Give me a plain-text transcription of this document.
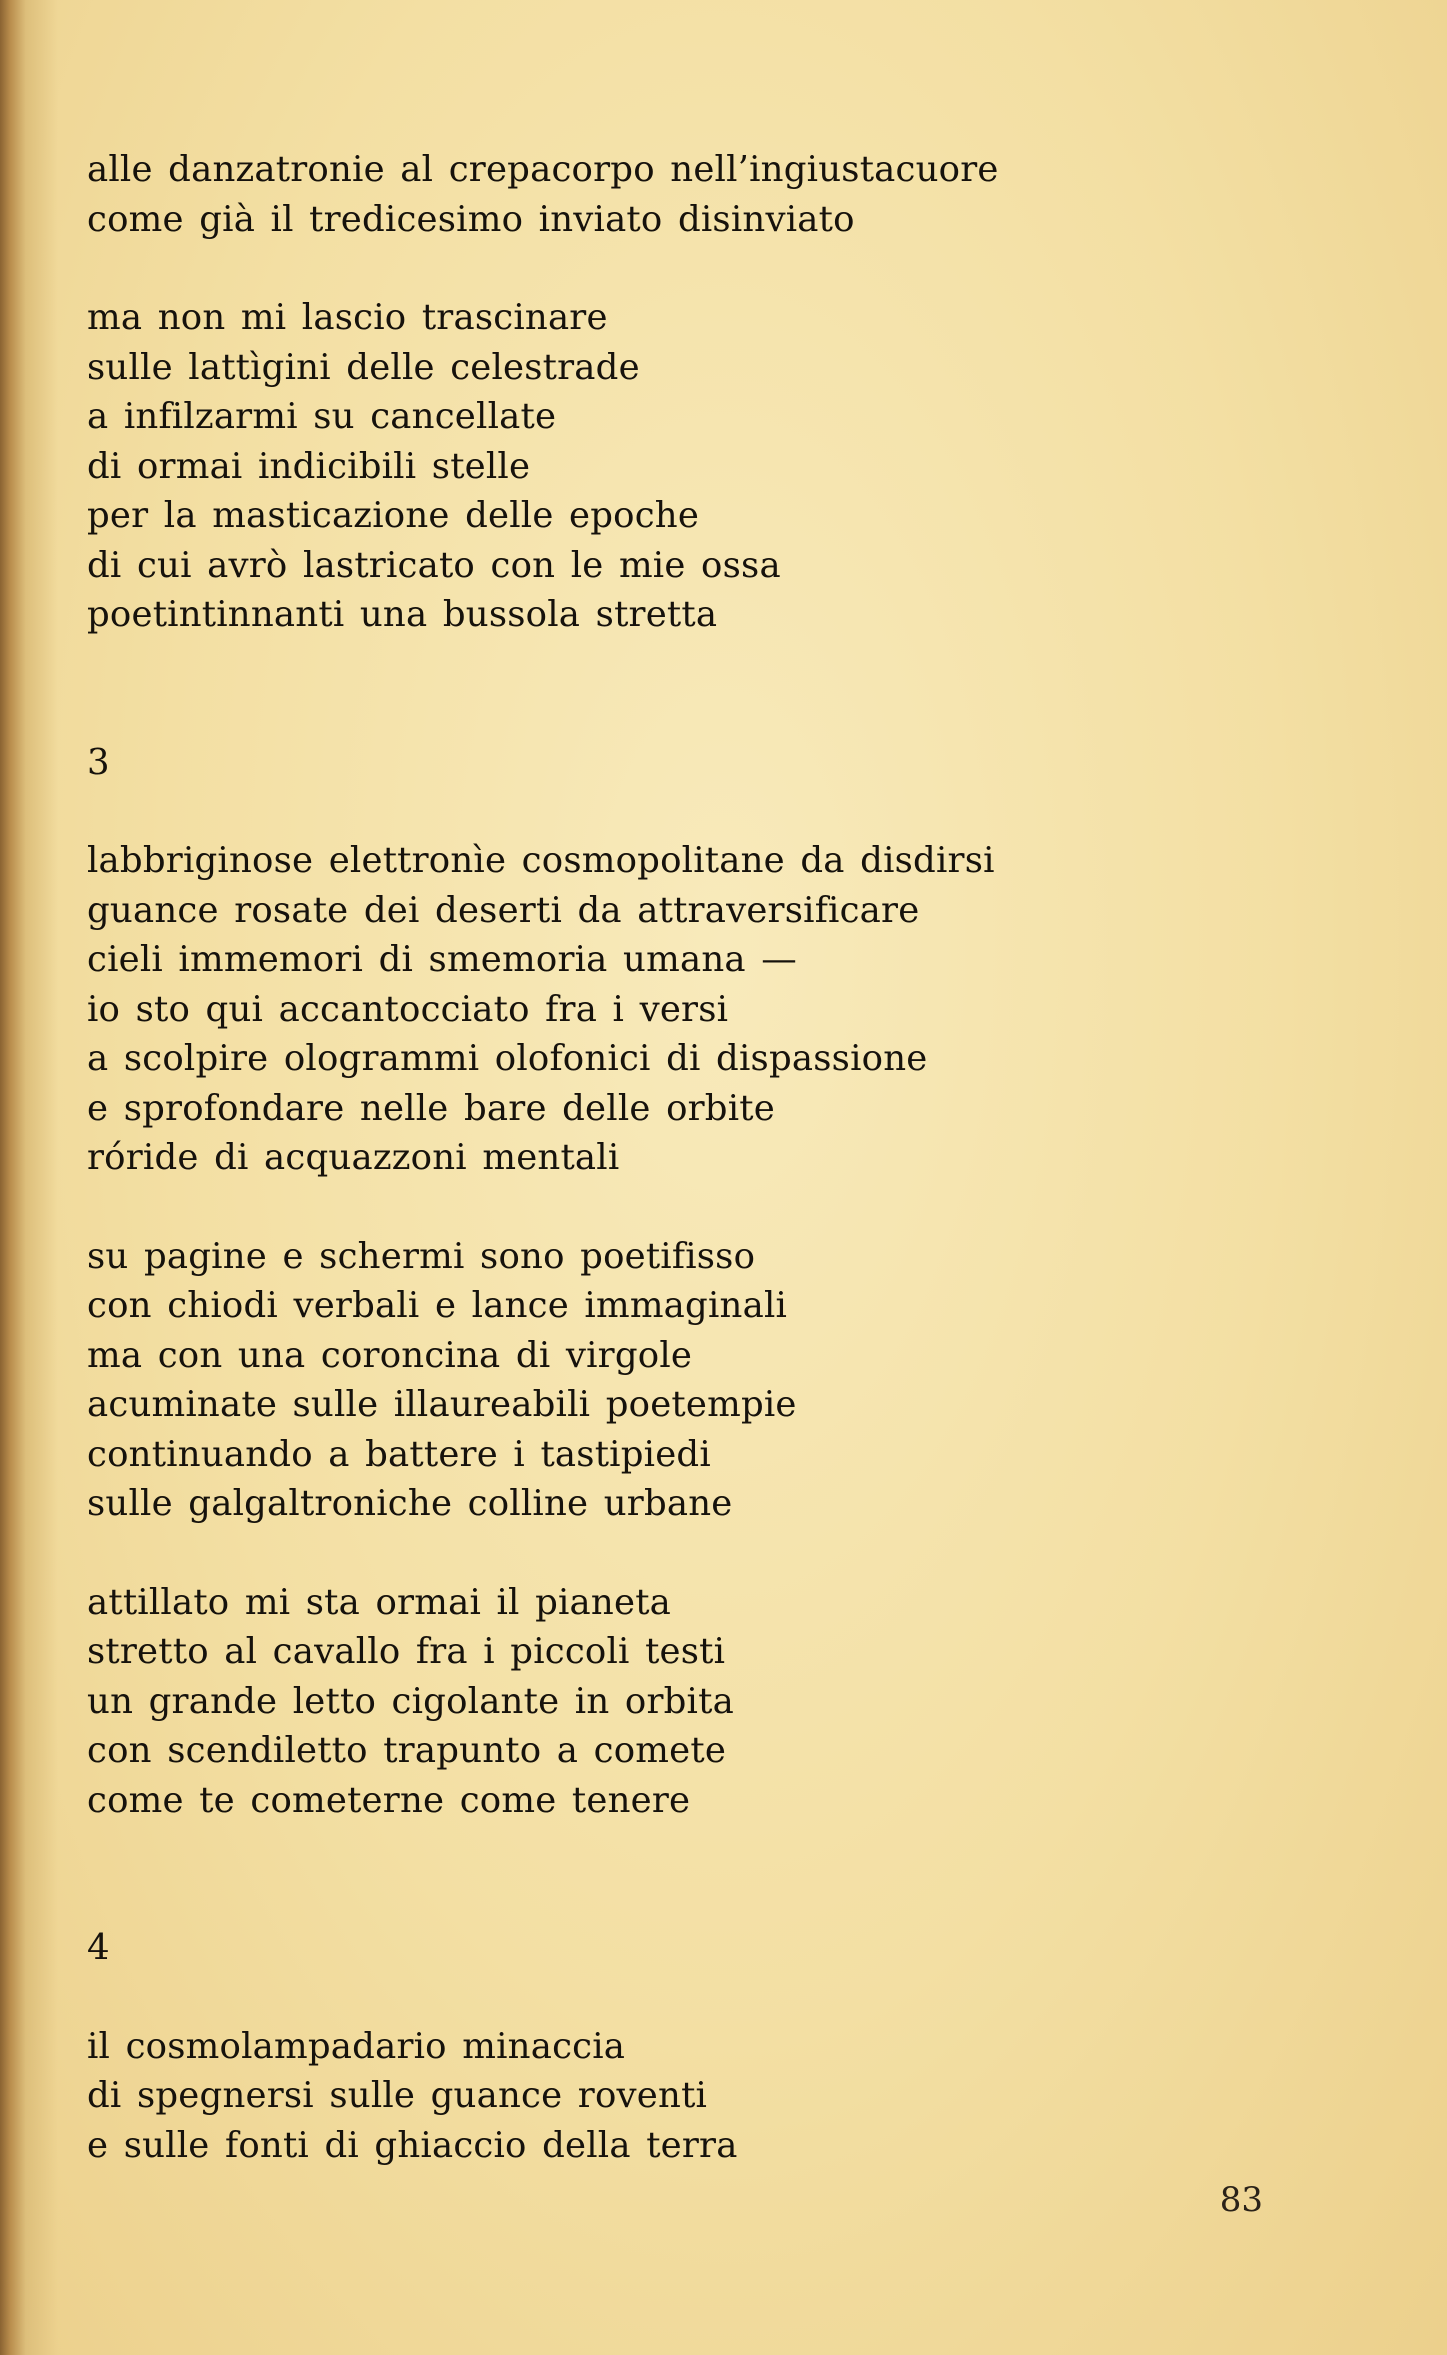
alle danzatronie al crepacorpo nell’ingiustacuore
come già il tredicesimo inviato disinviato
ma non mi lascio trascinare
sulle lattìgini delle celestrade
a infilzarmi su cancellate
di ormai indicibili stelle
per la masticazione delle epoche
di cui avrò lastricato con le mie ossa
poetintinnanti una bussola stretta
3
labbriginose elettronìe cosmopolitane da disdirsi
guance rosate dei deserti da attraversificare
cieli immemori di smemoria umana —
io sto qui accantocciato fra i versi
a scolpire ologrammi olofonici di dispassione
e sprofondare nelle bare delle orbite
rόride di acquazzoni mentali
su pagine e schermi sono poetifisso
con chiodi verbali e lance immaginali
ma con una coroncina di virgole
acuminate sulle illaureabili poetempie
continuando a battere i tastipiedi
sulle galgaltroniche colline urbane
attillato mi sta ormai il pianeta
stretto al cavallo fra i piccoli testi
un grande letto cigolante in orbita
con scendiletto trapunto a comete
come te cometerne come tenere
4
il cosmolampadario minaccia
di spegnersi sulle guance roventi
e sulle fonti di ghiaccio della terra
83
